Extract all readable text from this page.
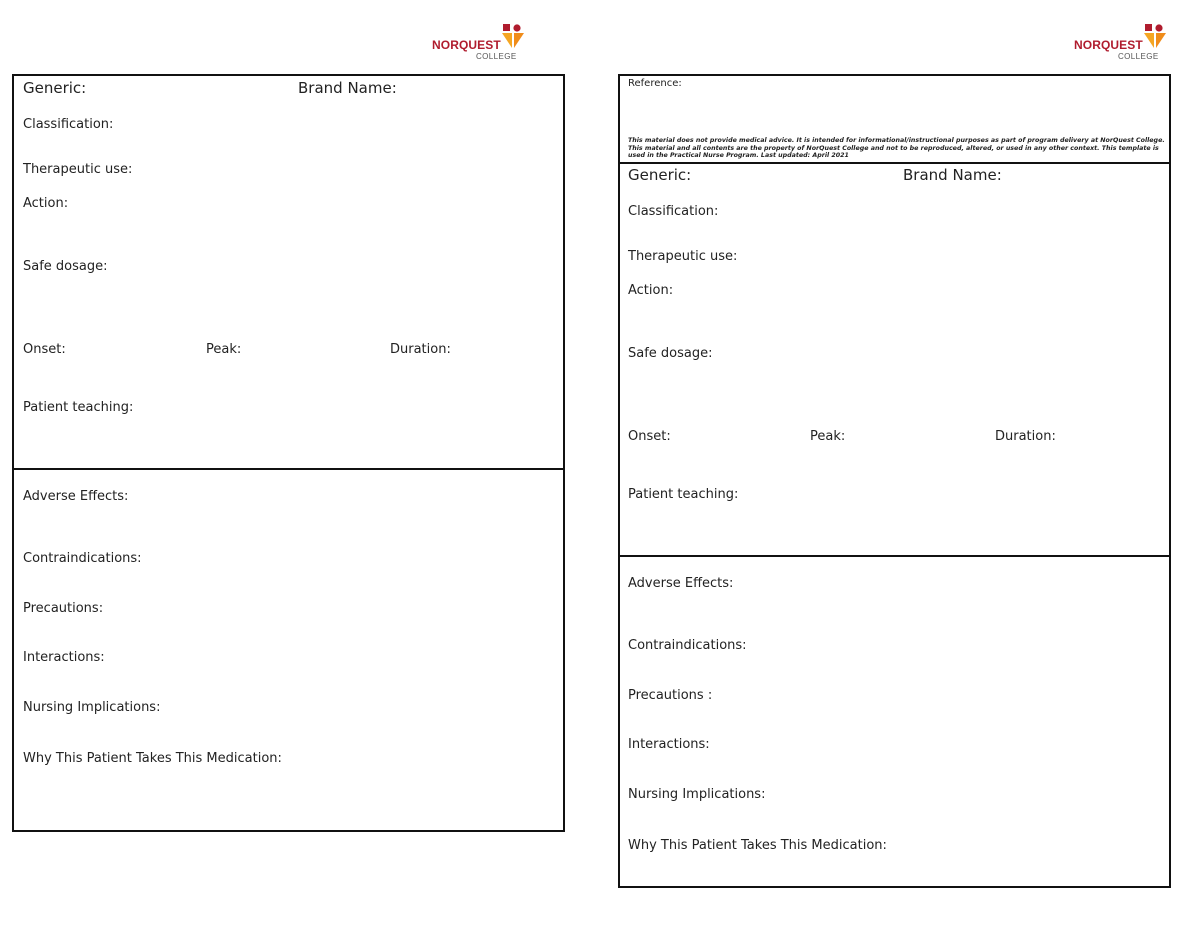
NORQUEST
COLLEGE
NORQUEST
COLLEGE
Generic:	Brand Name:
Classification:
Therapeutic use:
Action:
Safe dosage:
Onset:	Peak:	Duration:
Patient teaching:
Adverse Effects:
Contraindications:
Precautions:
Interactions:
Nursing Implications:
Why This Patient Takes This Medication:
Reference:
This material does not provide medical advice. It is intended for informational/instructional purposes as part of program delivery at NorQuest College. This material and all contents are the property of NorQuest College and not to be reproduced, altered, or used in any other context. This template is used in the Practical Nurse Program. Last updated: April 2021
Generic:	Brand Name:
Classification:
Therapeutic use:
Action:
Safe dosage:
Onset:	Peak:	Duration:
Patient teaching:
Adverse Effects:
Contraindications:
Precautions :
Interactions:
Nursing Implications:
Why This Patient Takes This Medication:
